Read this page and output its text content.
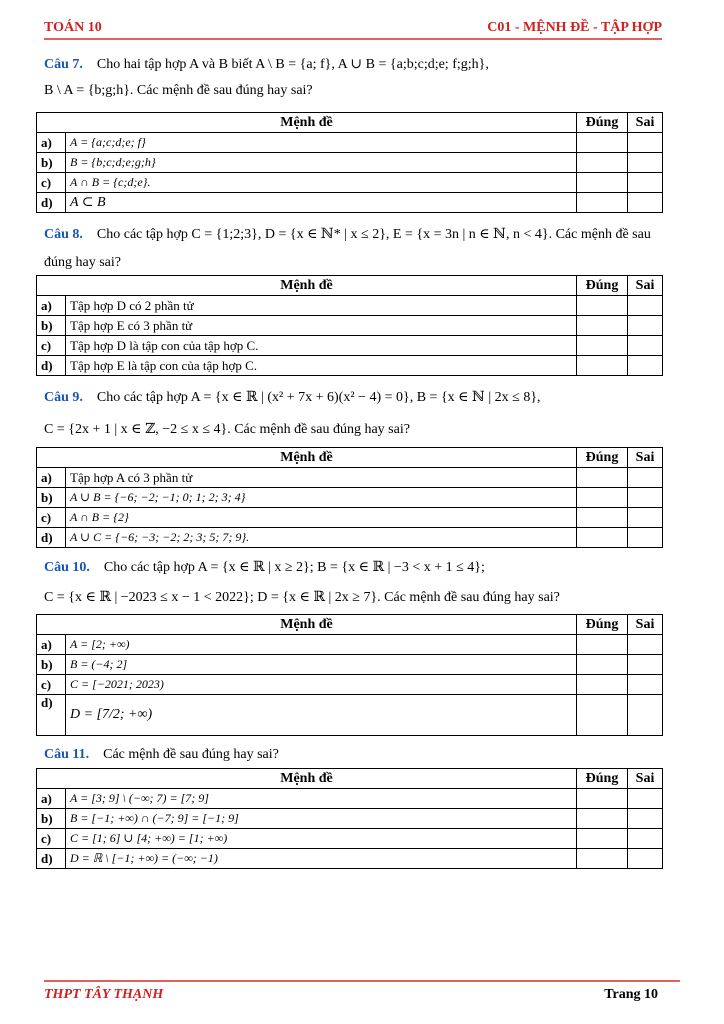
TOÁN 10	C01 - MỆNH ĐỀ - TẬP HỢP
Câu 7. Cho hai tập hợp A và B biết A \ B = {a; f}, A ∪ B = {a;b;c;d;e; f;g;h},
B \ A = {b;g;h}. Các mệnh đề sau đúng hay sai?
Mệnh đề		Đúng	Sai
a)	A = {a;c;d;e; f}		
b)	B = {b;c;d;e;g;h}		
c)	A ∩ B = {c;d;e}.		
d)	A ⊂ B		
Câu 8. Cho các tập hợp C = {1;2;3}, D = {x ∈ ℕ* | x ≤ 2}, E = {x = 3n | n ∈ ℕ, n < 4}. Các mệnh đề sau
đúng hay sai?
Mệnh đề		Đúng	Sai
a)	Tập hợp D có 2 phần tử		
b)	Tập hợp E có 3 phần tử		
c)	Tập hợp D là tập con của tập hợp C.		
d)	Tập hợp E là tập con của tập hợp C.		
Câu 9. Cho các tập hợp A = {x ∈ ℝ | (x² + 7x + 6)(x² − 4) = 0}, B = {x ∈ ℕ | 2x ≤ 8},
C = {2x + 1 | x ∈ ℤ, −2 ≤ x ≤ 4}. Các mệnh đề sau đúng hay sai?
Mệnh đề		Đúng	Sai
a)	Tập hợp A có 3 phần tử		
b)	A ∪ B = {−6; −2; −1; 0; 1; 2; 3; 4}		
c)	A ∩ B = {2}		
d)	A ∪ C = {−6; −3; −2; 2; 3; 5; 7; 9}.		
Câu 10. Cho các tập hợp A = {x ∈ ℝ | x ≥ 2}; B = {x ∈ ℝ | −3 < x + 1 ≤ 4};
C = {x ∈ ℝ | −2023 ≤ x − 1 < 2022}; D = {x ∈ ℝ | 2x ≥ 7}. Các mệnh đề sau đúng hay sai?
Mệnh đề		Đúng	Sai
a)	A = [2; +∞)		
b)	B = (−4; 2]		
c)	C = [−2021; 2023)		
d)	D = [7/2; +∞)		
Câu 11. Các mệnh đề sau đúng hay sai?
Mệnh đề		Đúng	Sai
a)	A = [3; 9] \ (−∞; 7) = [7; 9]		
b)	B = [−1; +∞) ∩ (−7; 9] = [−1; 9]		
c)	C = [1; 6] ∪ [4; +∞) = [1; +∞)		
d)	D = ℝ \ [−1; +∞) = (−∞; −1)		
THPT TÂY THẠNH	Trang 10
